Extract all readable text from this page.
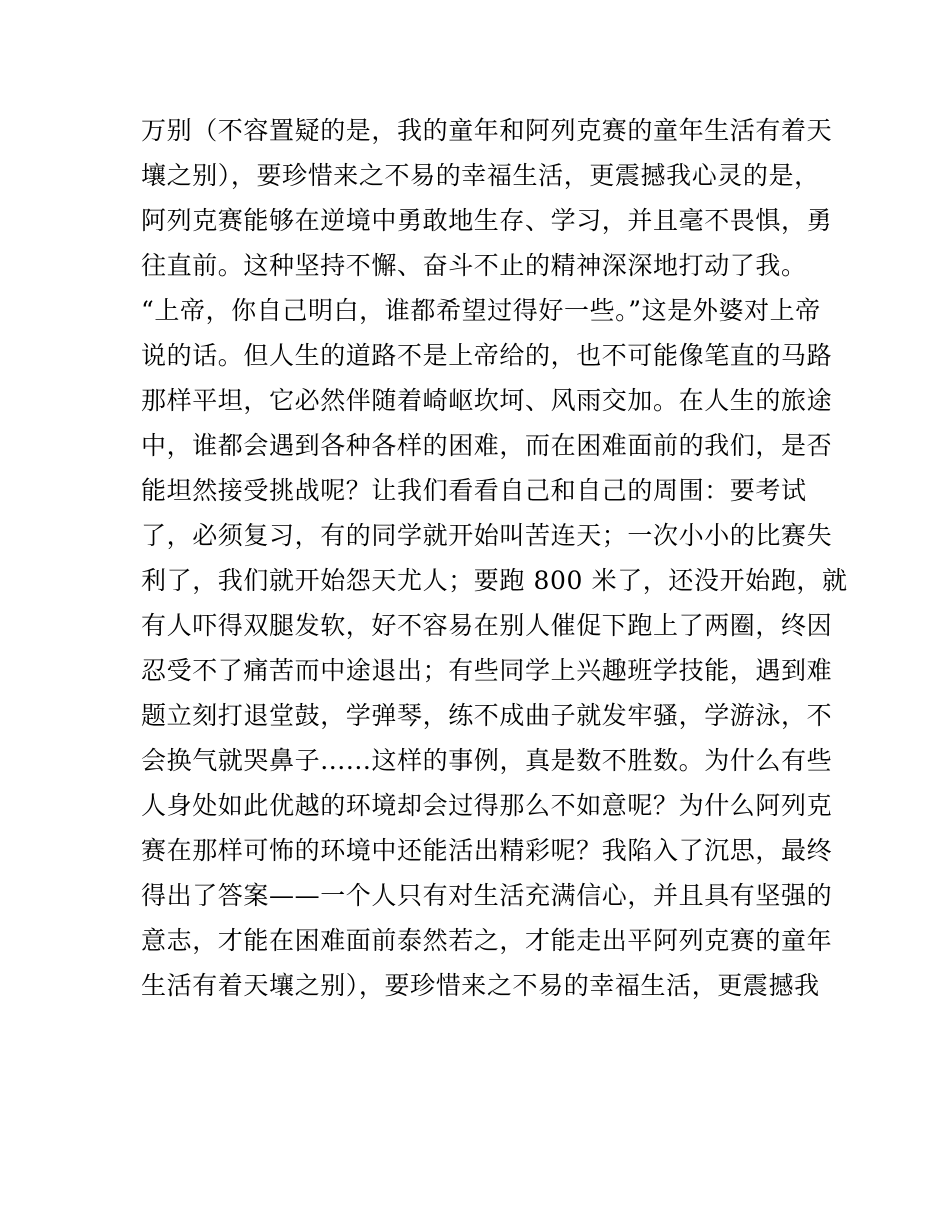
万别（不容置疑的是，我的童年和阿列克赛的童年生活有着天
壤之别），要珍惜来之不易的幸福生活，更震撼我心灵的是，
阿列克赛能够在逆境中勇敢地生存、学习，并且毫不畏惧，勇
往直前。这种坚持不懈、奋斗不止的精神深深地打动了我。
“上帝，你自己明白，谁都希望过得好一些。”这是外婆对上帝
说的话。但人生的道路不是上帝给的，也不可能像笔直的马路
那样平坦，它必然伴随着崎岖坎坷、风雨交加。在人生的旅途
中，谁都会遇到各种各样的困难，而在困难面前的我们，是否
能坦然接受挑战呢？让我们看看自己和自己的周围：要考试
了，必须复习，有的同学就开始叫苦连天；一次小小的比赛失
利了，我们就开始怨天尤人；要跑 800 米了，还没开始跑，就
有人吓得双腿发软，好不容易在别人催促下跑上了两圈，终因
忍受不了痛苦而中途退出；有些同学上兴趣班学技能，遇到难
题立刻打退堂鼓，学弹琴，练不成曲子就发牢骚，学游泳，不
会换气就哭鼻子......这样的事例，真是数不胜数。为什么有些
人身处如此优越的环境却会过得那么不如意呢？为什么阿列克
赛在那样可怖的环境中还能活出精彩呢？我陷入了沉思，最终
得出了答案——一个人只有对生活充满信心，并且具有坚强的
意志，才能在困难面前泰然若之，才能走出平阿列克赛的童年
生活有着天壤之别），要珍惜来之不易的幸福生活，更震撼我
